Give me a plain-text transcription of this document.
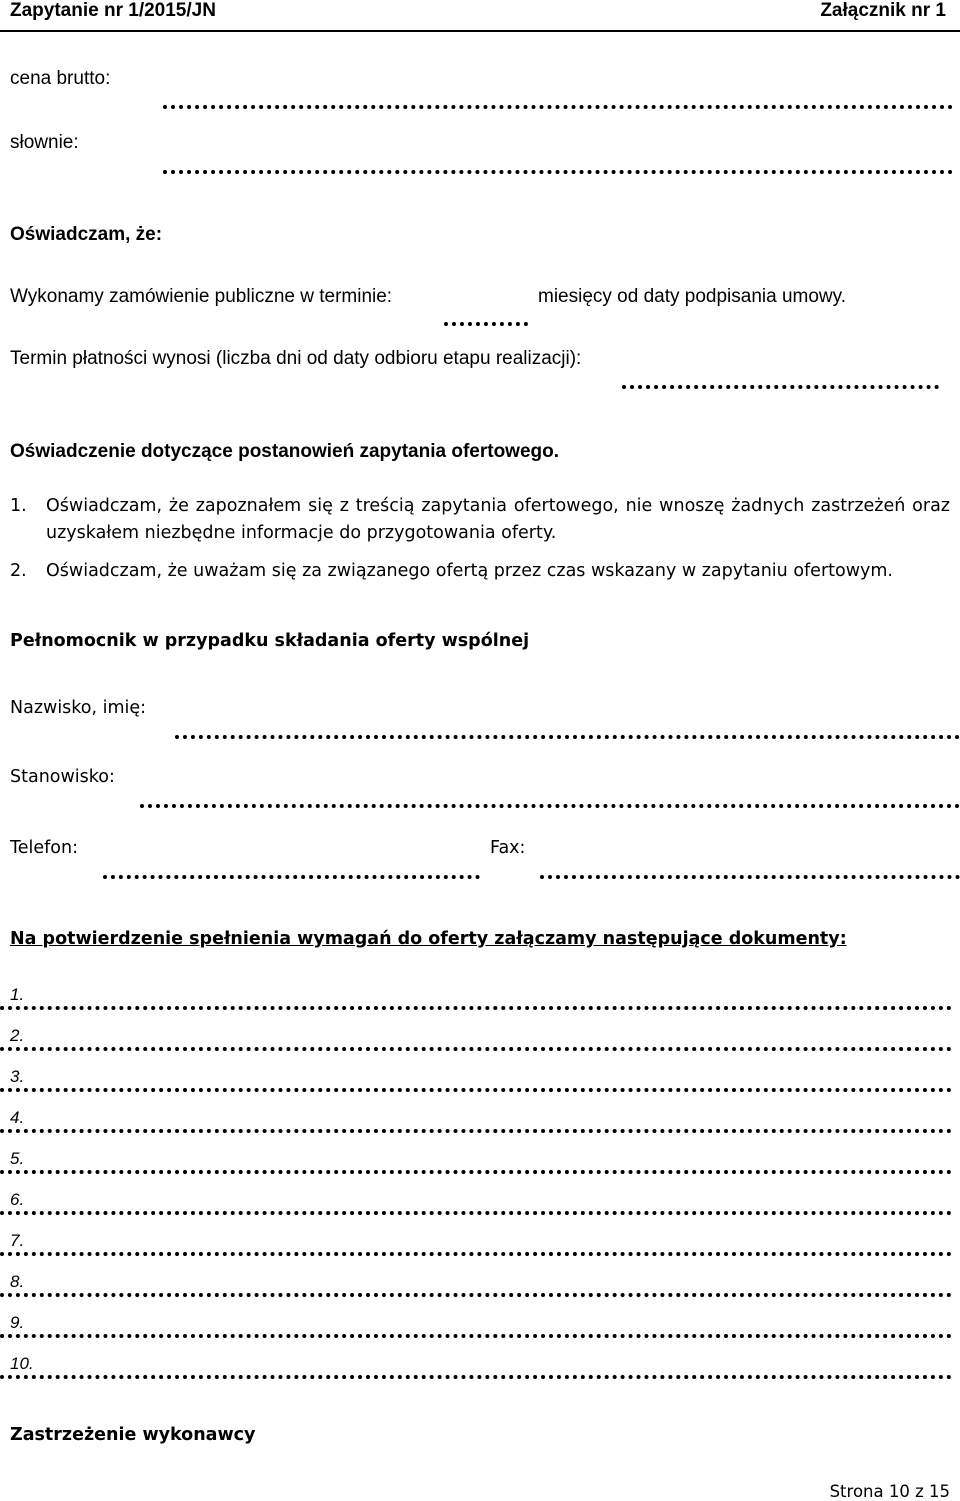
Zapytanie nr 1/2015/JN	Załącznik nr 1
cena brutto:
słownie:
Oświadczam, że:
Wykonamy zamówienie publiczne w terminie:	miesięcy od daty podpisania umowy.
Termin płatności wynosi (liczba dni od daty odbioru etapu realizacji):
Oświadczenie dotyczące postanowień zapytania ofertowego.
1. Oświadczam, że zapoznałem się z treścią zapytania ofertowego, nie wnoszę żadnych zastrzeżeń oraz
uzyskałem niezbędne informacje do przygotowania oferty.
2. Oświadczam, że uważam się za związanego ofertą przez czas wskazany w zapytaniu ofertowym.
Pełnomocnik w przypadku składania oferty wspólnej
Nazwisko, imię:
Stanowisko:
Telefon:	Fax:
Na potwierdzenie spełnienia wymagań do oferty załączamy następujące dokumenty:
1.
2.
3.
4.
5.
6.
7.
8.
9.
10.
Zastrzeżenie wykonawcy
Strona 10 z 15
